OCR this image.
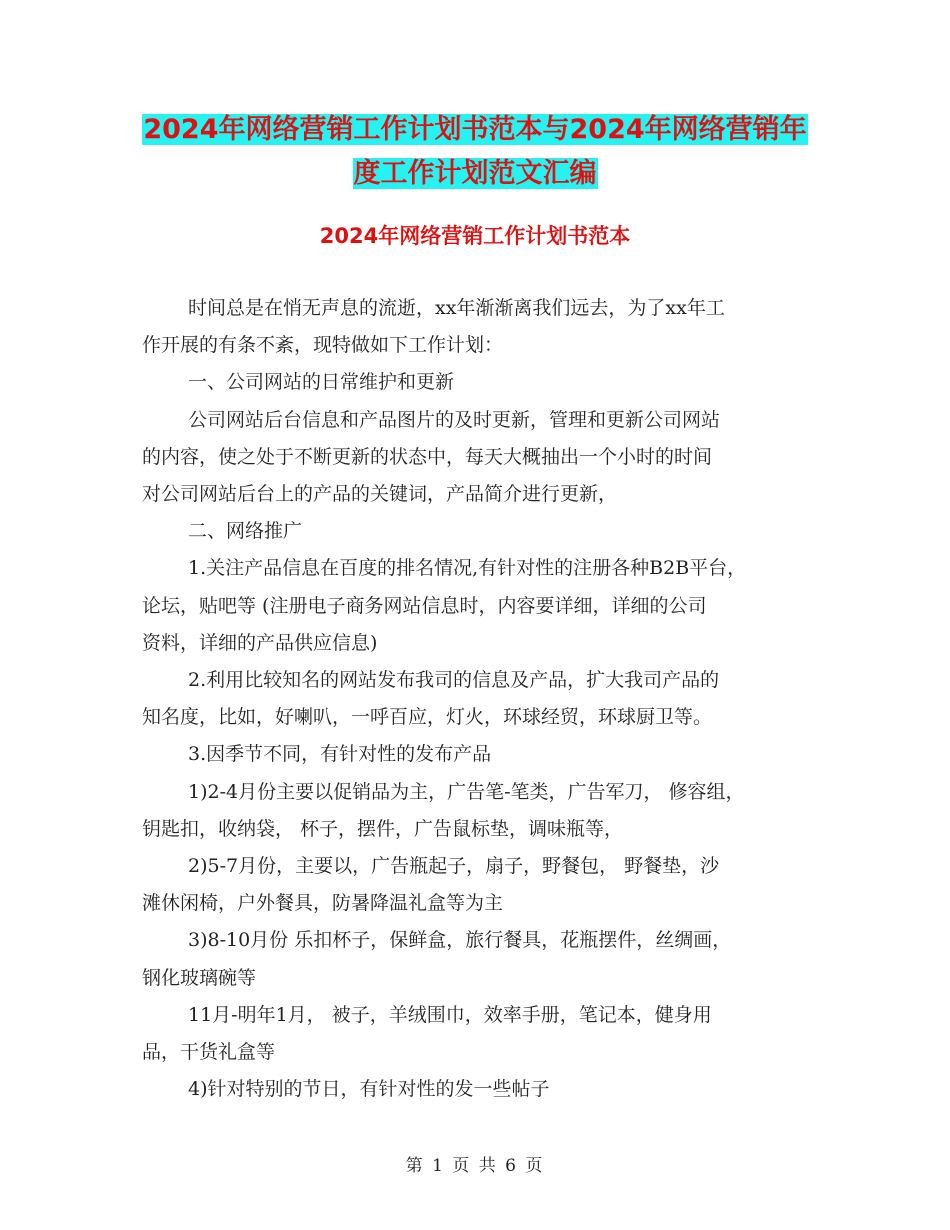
2024年网络营销工作计划书范本与2024年网络营销年
度工作计划范文汇编
2024年网络营销工作计划书范本

时间总是在悄无声息的流逝，xx年渐渐离我们远去，为了xx年工

作开展的有条不紊，现特做如下工作计划：

一、公司网站的日常维护和更新

公司网站后台信息和产品图片的及时更新，管理和更新公司网站

的内容，使之处于不断更新的状态中，每天大概抽出一个小时的时间

对公司网站后台上的产品的关键词，产品简介进行更新，

二、网络推广

1.关注产品信息在百度的排名情况,有针对性的注册各种B2B平台，

论坛，贴吧等 (注册电子商务网站信息时，内容要详细，详细的公司

资料，详细的产品供应信息)

2.利用比较知名的网站发布我司的信息及产品，扩大我司产品的

知名度，比如，好喇叭，一呼百应，灯火，环球经贸，环球厨卫等。

3.因季节不同，有针对性的发布产品

1)2-4月份主要以促销品为主，广告笔-笔类，广告军刀， 修容组，

钥匙扣，收纳袋， 杯子，摆件，广告鼠标垫，调味瓶等，

2)5-7月份，主要以，广告瓶起子，扇子，野餐包， 野餐垫，沙

滩休闲椅，户外餐具，防暑降温礼盒等为主

3)8-10月份 乐扣杯子，保鲜盒，旅行餐具，花瓶摆件，丝绸画，

钢化玻璃碗等

11月-明年1月， 被子，羊绒围巾，效率手册，笔记本，健身用

品，干货礼盒等

4)针对特别的节日，有针对性的发一些帖子

第 1 页 共 6 页
